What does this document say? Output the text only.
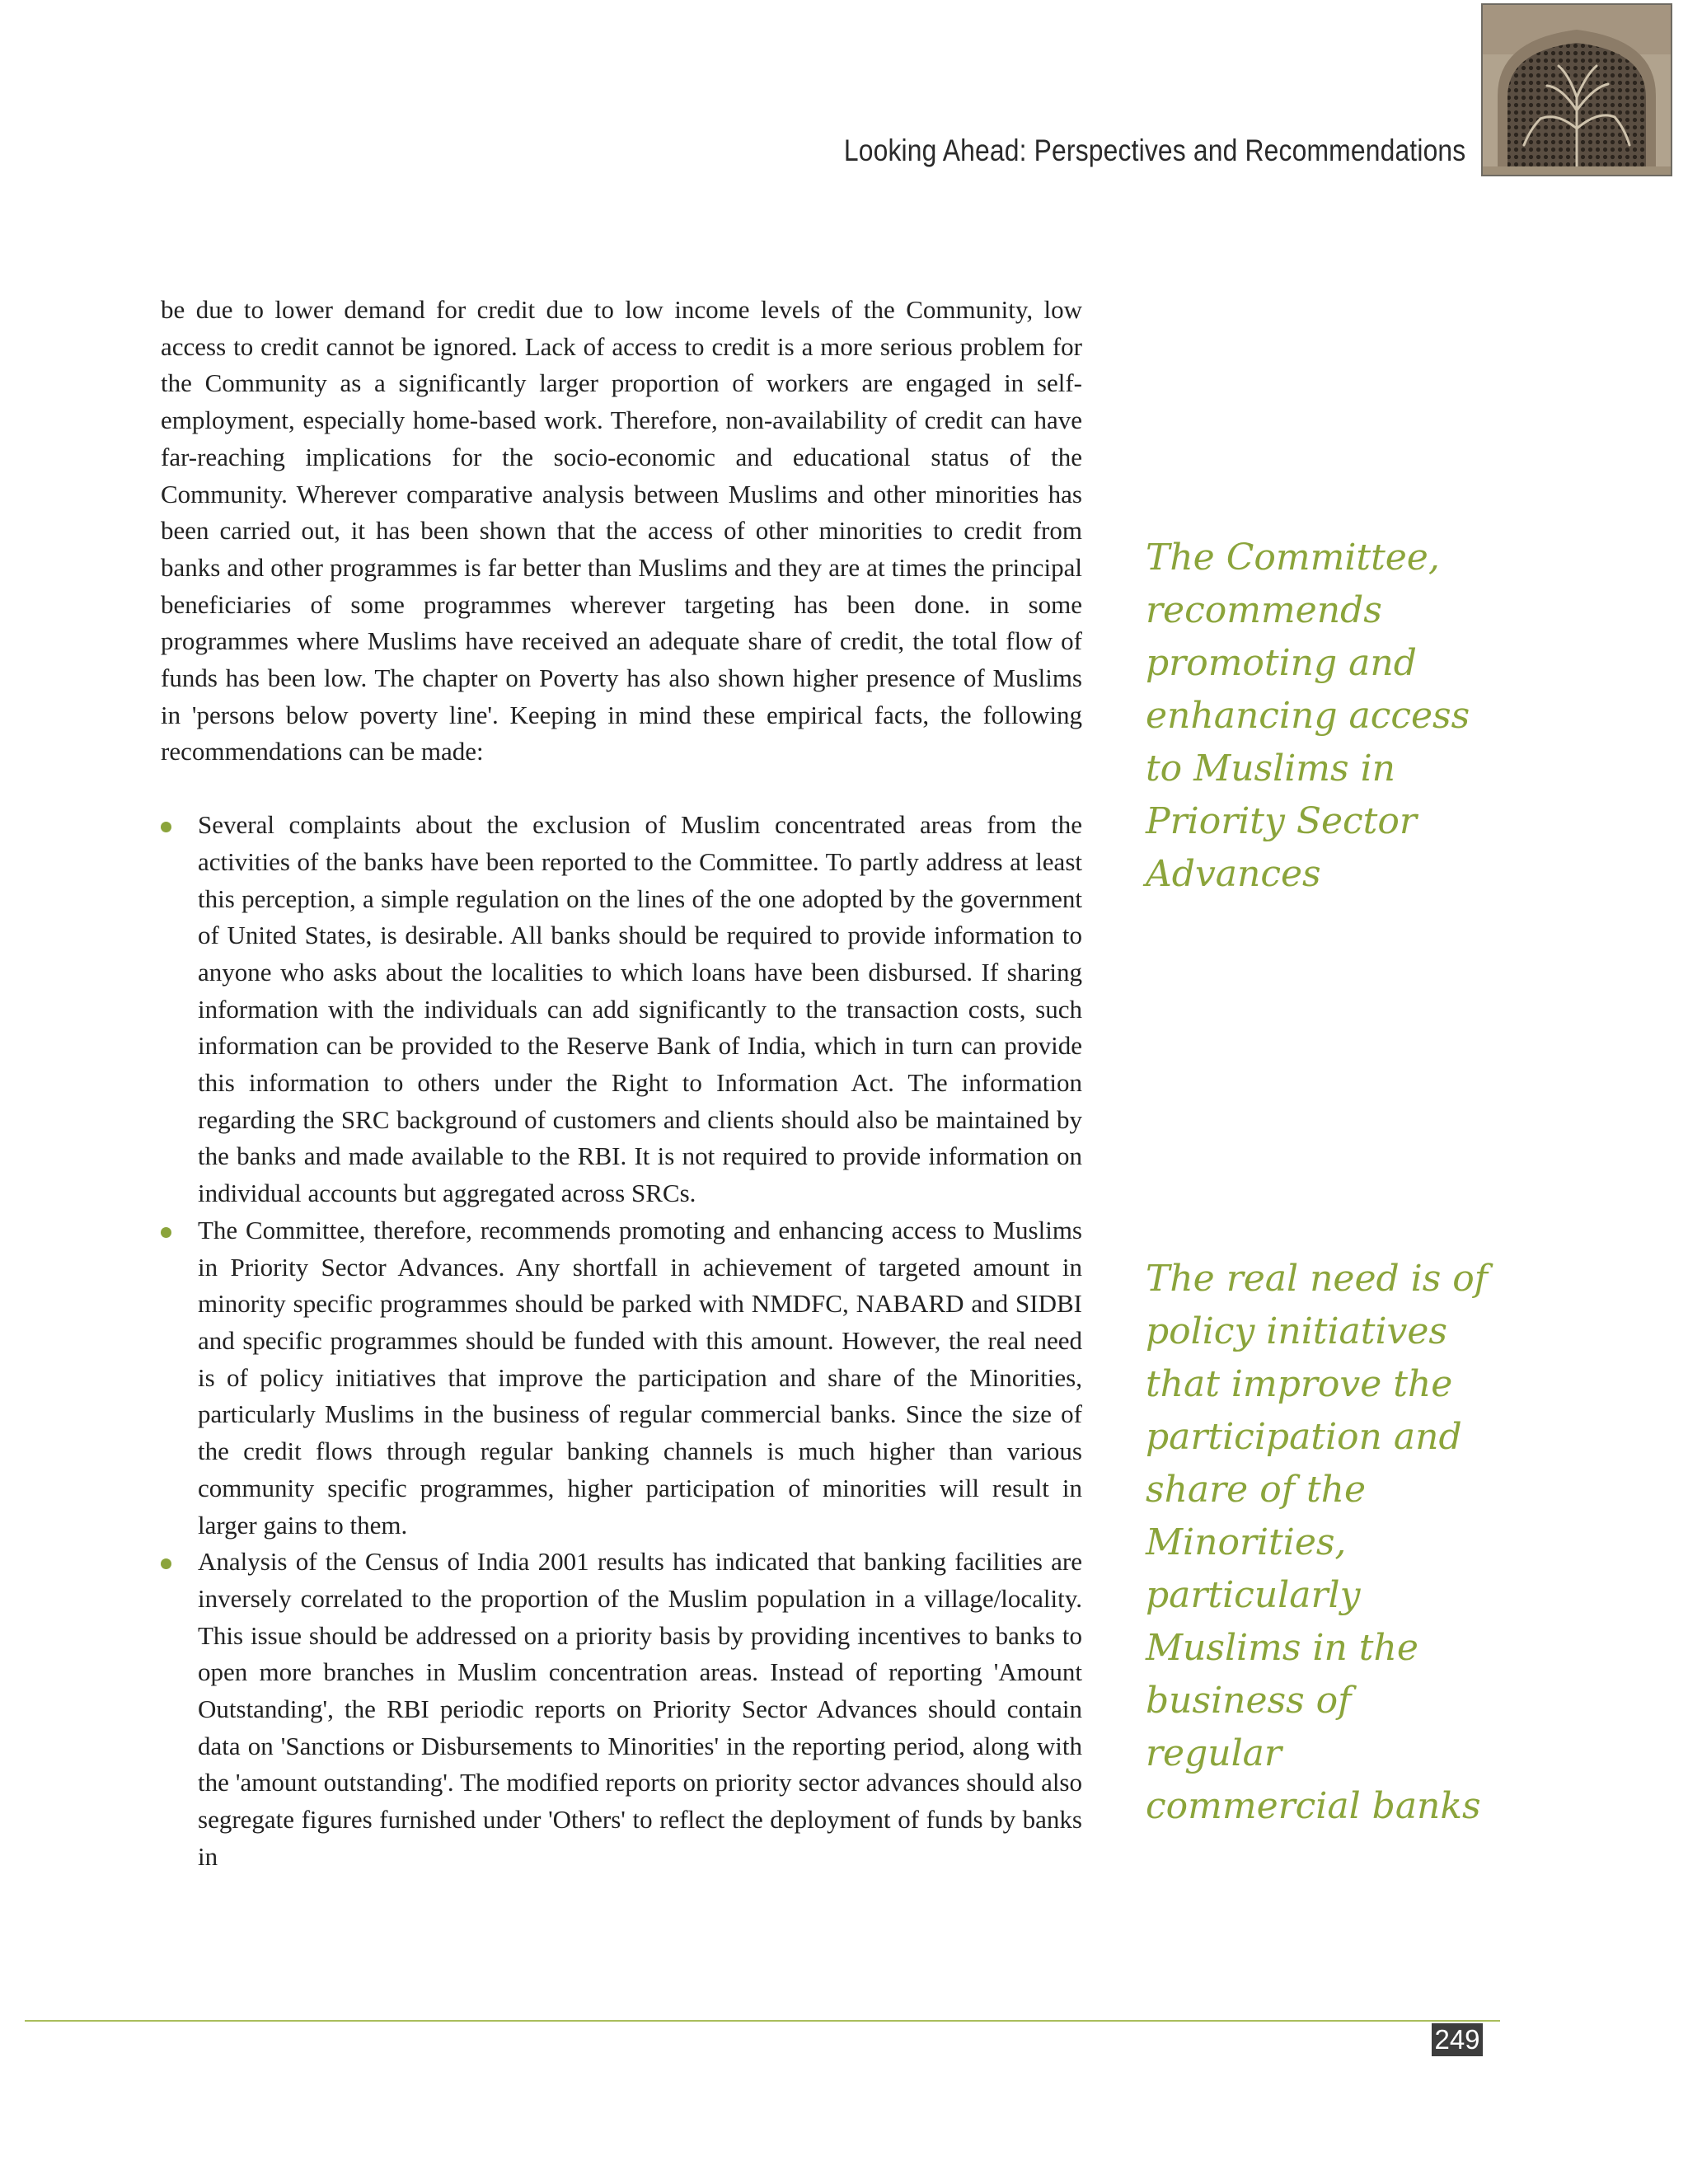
Looking Ahead: Perspectives and Recommendations

be due to lower demand for credit due to low income levels of the Community, low access to credit cannot be ignored. Lack of access to credit is a more serious problem for the Community as a significantly larger proportion of workers are engaged in self-employment, especially home-based work. Therefore, non-availability of credit can have far-reaching implications for the socio-economic and educational status of the Community. Wherever comparative analysis between Muslims and other minorities has been carried out, it has been shown that the access of other minorities to credit from banks and other programmes is far better than Muslims and they are at times the principal beneficiaries of some programmes wherever targeting has been done. in some programmes where Muslims have received an adequate share of credit, the total flow of funds has been low. The chapter on Poverty has also shown higher presence of Muslims in 'persons below poverty line'. Keeping in mind these empirical facts, the following recommendations can be made:

Several complaints about the exclusion of Muslim concentrated areas from the activities of the banks have been reported to the Committee. To partly address at least this perception, a simple regulation on the lines of the one adopted by the government of United States, is desirable. All banks should be required to provide information to anyone who asks about the localities to which loans have been disbursed. If sharing information with the individuals can add significantly to the transaction costs, such information can be provided to the Reserve Bank of India, which in turn can provide this information to others under the Right to Information Act. The information regarding the SRC background of customers and clients should also be maintained by the banks and made available to the RBI. It is not required to provide information on individual accounts but aggregated across SRCs.
The Committee, therefore, recommends promoting and enhancing access to Muslims in Priority Sector Advances. Any shortfall in achievement of targeted amount in minority specific programmes should be parked with NMDFC, NABARD and SIDBI and specific programmes should be funded with this amount. However, the real need is of policy initiatives that improve the participation and share of the Minorities, particularly Muslims in the business of regular commercial banks. Since the size of the credit flows through regular banking channels is much higher than various community specific programmes, higher participation of minorities will result in larger gains to them.
Analysis of the Census of India 2001 results has indicated that banking facilities are inversely correlated to the proportion of the Muslim population in a village/locality. This issue should be addressed on a priority basis by providing incentives to banks to open more branches in Muslim concentration areas. Instead of reporting 'Amount Outstanding', the RBI periodic reports on Priority Sector Advances should contain data on 'Sanctions or Disbursements to Minorities' in the reporting period, along with the 'amount outstanding'. The modified reports on priority sector advances should also segregate figures furnished under 'Others' to reflect the deployment of funds by banks in
The Committee, recommends promoting and enhancing access to Muslims in Priority Sector Advances
The real need is of policy initiatives that improve the participation and share of the Minorities, particularly Muslims in the business of regular commercial banks
249
